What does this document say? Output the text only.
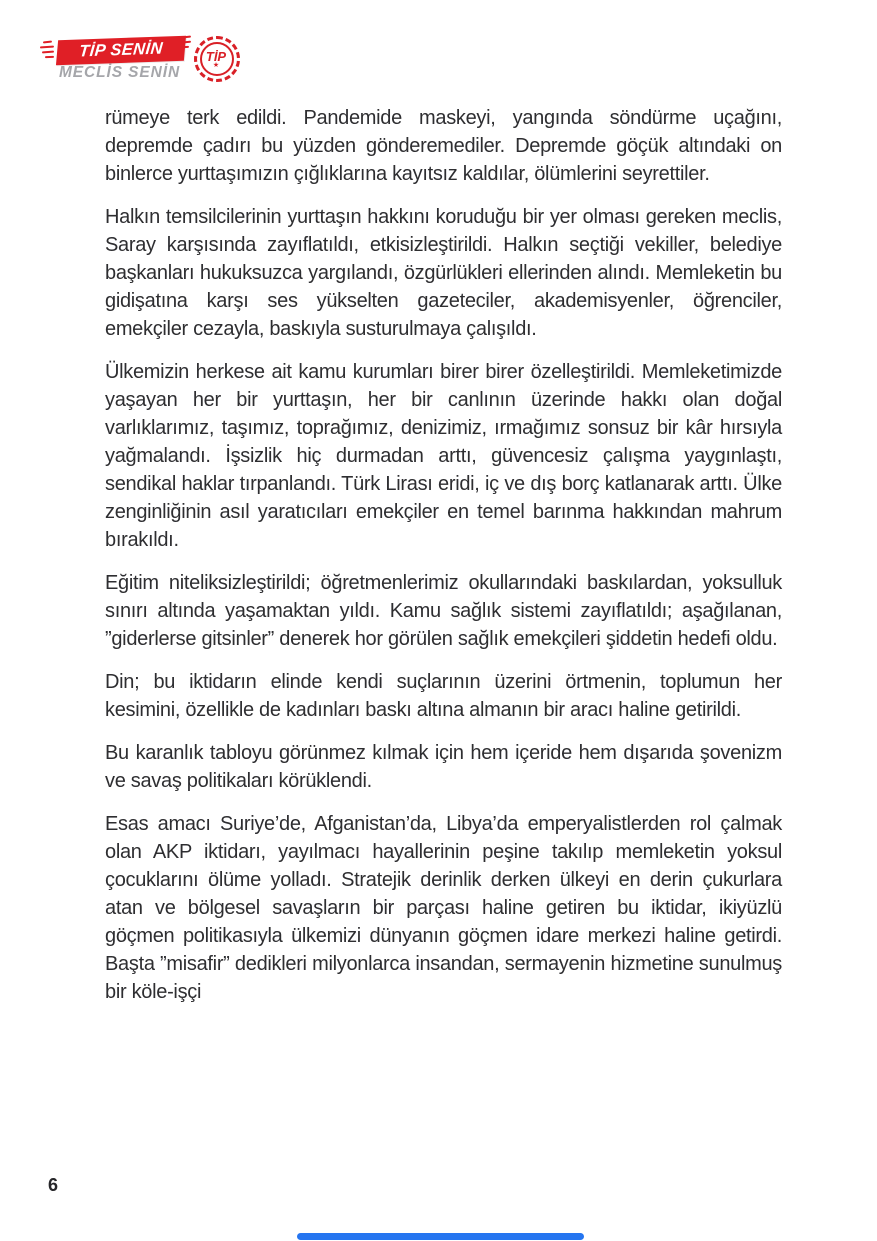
TİP SENİN
MECLİS SENİN
TİP
★

rümeye terk edildi. Pandemide maskeyi, yangında söndürme uçağını, depremde çadırı bu yüzden gönderemediler. Depremde göçük altındaki on binlerce yurttaşımızın çığlıklarına kayıtsız kaldılar, ölümlerini seyrettiler.

Halkın temsilcilerinin yurttaşın hakkını koruduğu bir yer olması gereken meclis, Saray karşısında zayıflatıldı, etkisizleştirildi. Halkın seçtiği vekiller, belediye başkanları hukuksuzca yargılandı, özgürlükleri ellerinden alındı. Memleketin bu gidişatına karşı ses yükselten gazeteciler, akademisyenler, öğrenciler, emekçiler cezayla, baskıyla susturulmaya çalışıldı.

Ülkemizin herkese ait kamu kurumları birer birer özelleştirildi. Memleketimizde yaşayan her bir yurttaşın, her bir canlının üzerinde hakkı olan doğal varlıklarımız, taşımız, toprağımız, denizimiz, ırmağımız sonsuz bir kâr hırsıyla yağmalandı. İşsizlik hiç durmadan arttı, güvencesiz çalışma yaygınlaştı, sendikal haklar tırpanlandı. Türk Lirası eridi, iç ve dış borç katlanarak arttı. Ülke zenginliğinin asıl yaratıcıları emekçiler en temel barınma hakkından mahrum bırakıldı.

Eğitim niteliksizleştirildi; öğretmenlerimiz okullarındaki baskılardan, yoksulluk sınırı altında yaşamaktan yıldı. Kamu sağlık sistemi zayıflatıldı; aşağılanan, ”giderlerse gitsinler” denerek hor görülen sağlık emekçileri şiddetin hedefi oldu.

Din; bu iktidarın elinde kendi suçlarının üzerini örtmenin, toplumun her kesimini, özellikle de kadınları baskı altına almanın bir aracı haline getirildi.

Bu karanlık tabloyu görünmez kılmak için hem içeride hem dışarıda şovenizm ve savaş politikaları körüklendi.

Esas amacı Suriye’de, Afganistan’da, Libya’da emperyalistlerden rol çalmak olan AKP iktidarı, yayılmacı hayallerinin peşine takılıp memleketin yoksul çocuklarını ölüme yolladı. Stratejik derinlik derken ülkeyi en derin çukurlara atan ve bölgesel savaşların bir parçası haline getiren bu iktidar, ikiyüzlü göçmen politikasıyla ülkemizi dünyanın göçmen idare merkezi haline getirdi. Başta ”misafir” dedikleri milyonlarca insandan, sermayenin hizmetine sunulmuş bir köle-işçi

6
